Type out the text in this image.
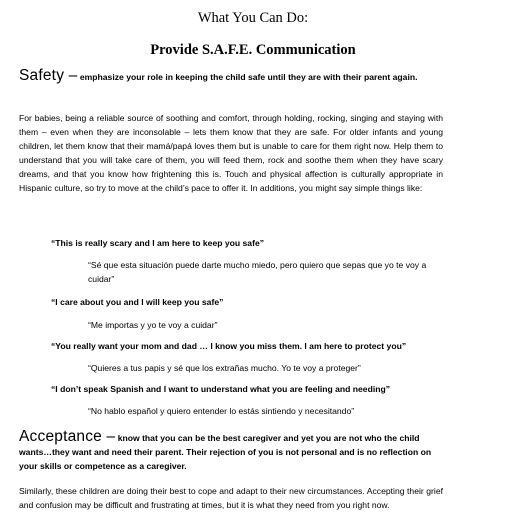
What You Can Do:
Provide S.A.F.E. Communication
Safety – emphasize your role in keeping the child safe until they are with their parent again.
For babies, being a reliable source of soothing and comfort, through holding, rocking, singing and staying with them – even when they are inconsolable – lets them know that they are safe. For older infants and young children, let them know that their mamá/papá loves them but is unable to care for them right now. Help them to understand that you will take care of them, you will feed them, rock and soothe them when they have scary dreams, and that you know how frightening this is. Touch and physical affection is culturally appropriate in Hispanic culture, so try to move at the child’s pace to offer it. In additions, you might say simple things like:
“This is really scary and I am here to keep you safe”
“Sé que esta situación puede darte mucho miedo, pero quiero que sepas que yo te voy a cuidar”
“I care about you and I will keep you safe”
“Me importas y yo te voy a cuidar”
“You really want your mom and dad … I know you miss them. I am here to protect you”
“Quieres a tus papis y sé que los extrañas mucho. Yo te voy a proteger”
“I don’t speak Spanish and I want to understand what you are feeling and needing”
“No hablo español y quiero entender lo estás sintiendo y necesitando”
Acceptance – know that you can be the best caregiver and yet you are not who the child wants…they want and need their parent. Their rejection of you is not personal and is no reflection on your skills or competence as a caregiver.
Similarly, these children are doing their best to cope and adapt to their new circumstances. Accepting their grief and confusion may be difficult and frustrating at times, but it is what they need from you right now.
